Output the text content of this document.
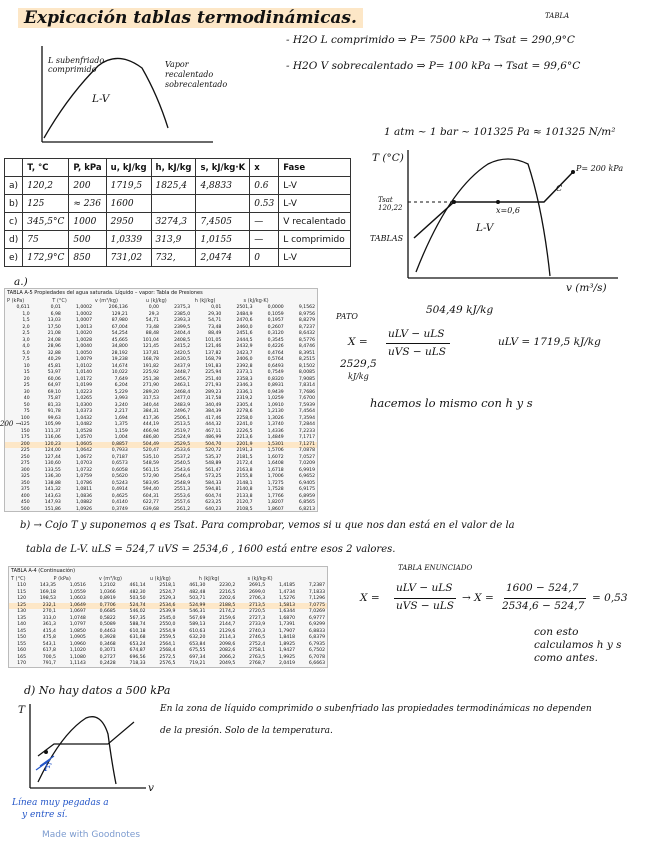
Expicación tablas termodinámicas.
L subenfriado comprimido
Vapor recalentado sobrecalentado
L-V
TABLA
- H2O L comprimido ⇒ P= 7500 kPa → Tsat = 290,9°C
- H2O V sobrecalentado ⇒ P= 100 kPa → Tsat = 99,6°C
1 atm ~ 1 bar ~ 101325 Pa ≈ 101325 N/m²
	T, °C	P, kPa	u, kJ/kg	h, kJ/kg	s, kJ/kg·K	x	Fase
a)	120,2	200	1719,5	1825,4	4,8833	0.6	L-V
b)	125	≈ 236	1600			0.53	L-V
c)	345,5°C	1000	2950	3274,3	7,4505	—	V recalentado
d)	75	500	1,0339	313,9	1,0155	—	L comprimido
e)	172,9°C	850	731,02	732,	2,0474	0	L-V
T (°C)
P= 200 kPa
C
Tsat 120,22	x=0,6
L-V
TABLAS
v (m³/s)
a.)
TABLA A-5 Propiedades del agua saturada. Líquido – vapor: Tabla de Presiones
P (kPa)	T (°C)	v (m³/kg)	u (kJ/kg)	h (kJ/kg)	s (kJ/kg·K)
0,611	0,01	1,0002	206,136	0,00	2375,3	0,01	2501,3	0,0000	9,1562
1,0	6,98	1,0002	129,21	29,3	2385,0	29,30	2484,9	0,1059	8,9756
1,5	13,03	1,0007	87,980	54,71	2393,3	54,71	2470,6	0,1957	8,8279
2,0	17,50	1,0013	67,004	73,48	2399,5	73,48	2460,0	0,2607	8,7237
2,5	21,08	1,0020	54,254	88,48	2404,4	88,49	2451,6	0,3120	8,6432
3,0	24,08	1,0028	45,665	101,04	2408,5	101,05	2444,5	0,3545	8,5776
4,0	28,96	1,0040	34,800	121,45	2415,2	121,46	2432,9	0,4226	8,4746
5,0	32,88	1,0050	28,192	137,81	2420,5	137,82	2423,7	0,4764	8,3951
7,5	40,29	1,0079	19,238	168,78	2430,5	168,79	2406,0	0,5764	8,2515
10	45,81	1,0102	14,674	191,82	2437,9	191,83	2392,8	0,6493	8,1502
15	53,97	1,0140	10,022	225,92	2448,7	225,94	2373,1	0,7549	8,0085
20	60,06	1,0172	7,649	251,38	2456,7	251,40	2358,3	0,8320	7,9085
25	64,97	1,0199	6,204	271,90	2463,1	271,93	2346,3	0,8931	7,8314
30	69,10	1,0223	5,229	289,20	2468,4	289,23	2336,1	0,9439	7,7686
40	75,87	1,0265	3,993	317,53	2477,0	317,58	2319,2	1,0259	7,6700
50	81,33	1,0300	3,240	340,44	2483,9	340,49	2305,4	1,0910	7,5939
75	91,78	1,0373	2,217	384,31	2496,7	384,39	2278,6	1,2130	7,4564
100	99,63	1,0432	1,694	417,36	2506,1	417,46	2258,0	1,3026	7,3594
125	105,99	1,0482	1,375	444,19	2513,5	444,32	2241,0	1,3740	7,2844
150	111,37	1,0528	1,159	466,94	2519,7	467,11	2226,5	1,4336	7,2233
175	116,06	1,0570	1,004	486,80	2524,9	486,99	2213,6	1,4849	7,1717
200	120,23	1,0605	0,8857	504,49	2529,5	504,70	2201,9	1,5301	7,1271
225	124,00	1,0642	0,7933	520,47	2533,6	520,72	2191,3	1,5706	7,0878
250	127,44	1,0672	0,7187	535,10	2537,2	535,37	2181,5	1,6072	7,0527
275	130,60	1,0703	0,6573	548,59	2540,5	548,89	2172,4	1,6408	7,0209
300	133,55	1,0732	0,6058	561,15	2543,6	561,47	2163,8	1,6718	6,9919
325	136,30	1,0759	0,5620	572,90	2546,4	573,25	2155,8	1,7006	6,9652
350	138,88	1,0786	0,5243	583,95	2548,9	584,33	2148,1	1,7275	6,9405
375	141,32	1,0811	0,4914	594,40	2551,3	594,81	2140,8	1,7528	6,9175
400	143,63	1,0836	0,4625	604,31	2553,6	604,74	2133,8	1,7766	6,8959
450	147,93	1,0882	0,4140	622,77	2557,6	623,25	2120,7	1,8207	6,8565
500	151,86	1,0926	0,3749	639,68	2561,2	640,23	2108,5	1,8607	6,8213
200 →
PATO
504,49 kJ/kg
X =
uLV − uLS
uVS − uLS
2529,5
kJ/kg
uLV = 1719,5 kJ/kg
hacemos lo mismo con h y s
b) → Cojo T y suponemos q es Tsat. Para comprobar, vemos si u que nos dan está en el valor de la
tabla de L-V. uLS = 524,7 uVS = 2534,6 , 1600 está entre esos 2 valores.
TABLA A-4 (Continuación)
T (°C)	P (kPa)	v (m³/kg)	u (kJ/kg)	h (kJ/kg)	s (kJ/kg·K)
110	143,35	1,0516	1,2102	461,14	2518,1	461,30	2230,2	2691,5	1,4185	7,2387
115	169,18	1,0559	1,0366	482,30	2524,7	482,48	2216,5	2699,0	1,4734	7,1833
120	198,53	1,0603	0,8919	503,50	2529,3	503,71	2202,6	2706,3	1,5276	7,1296
125	232,1	1,0649	0,7706	524,74	2534,6	524,99	2188,5	2713,5	1,5813	7,0775
130	270,1	1,0697	0,6685	546,02	2539,9	546,31	2174,2	2720,5	1,6344	7,0269
135	313,0	1,0748	0,5822	567,35	2545,0	567,69	2159,6	2727,3	1,6870	6,9777
140	361,3	1,0797	0,5089	588,74	2550,0	589,13	2144,7	2733,9	1,7391	6,9299
145	415,4	1,0850	0,4463	610,18	2554,9	610,63	2129,6	2740,3	1,7907	6,8833
150	475,8	1,0905	0,3928	631,68	2559,5	632,20	2114,3	2746,5	1,8418	6,8379
155	543,1	1,0960	0,3468	653,24	2564,1	653,84	2098,6	2752,4	1,8925	6,7935
160	617,8	1,1020	0,3071	674,87	2568,4	675,55	2082,6	2758,1	1,9427	6,7502
165	700,5	1,1080	0,2727	696,56	2572,5	697,34	2066,2	2763,5	1,9925	6,7078
170	791,7	1,1143	0,2428	718,33	2576,5	719,21	2049,5	2768,7	2,0419	6,6663
TABLA ENUNCIADO
X =
uLV − uLS
uVS − uLS
→ X =
1600 − 524,7
2534,6 − 524,7
= 0,53
con esto calculamos h y s como antes.
d) No hay datos a 500 kPa
T
v
F
Línea muy pegadas a
y entre sí.
En la zona de líquido comprimido o subenfriado las propiedades termodinámicas no dependen
de la presión. Solo de la temperatura.
Made with Goodnotes
